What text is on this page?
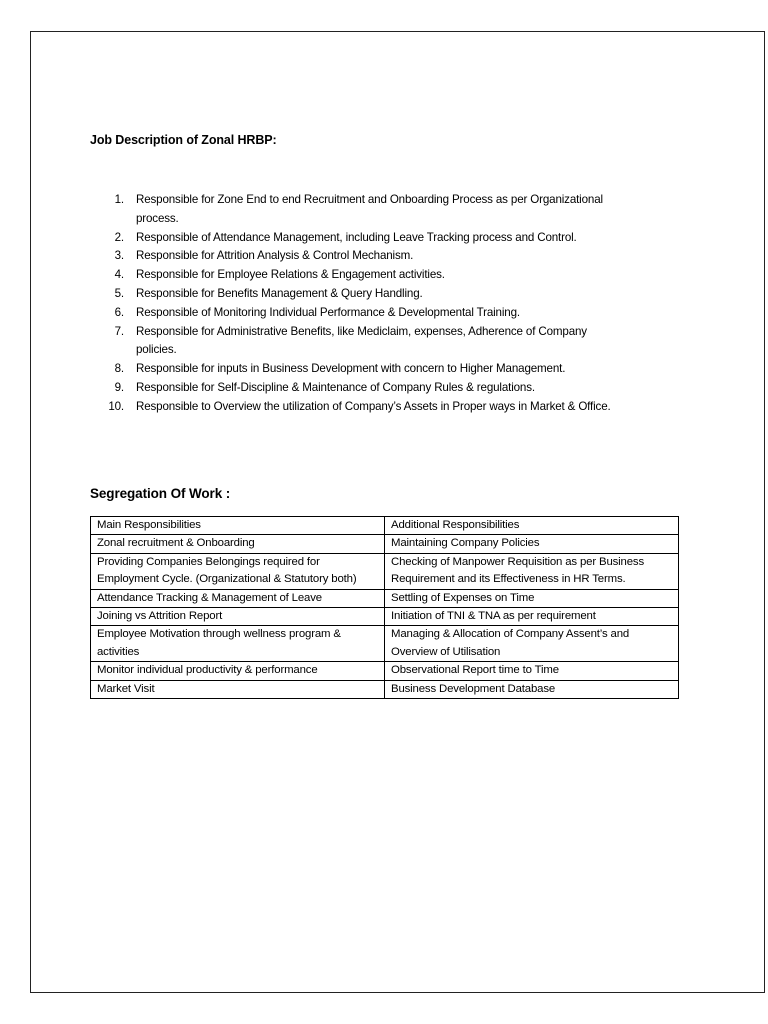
Job Description of Zonal HRBP:
1. Responsible for Zone End to end Recruitment and Onboarding Process as per Organizational
process.
2. Responsible of Attendance Management, including Leave Tracking process and Control.
3. Responsible for Attrition Analysis & Control Mechanism.
4. Responsible for Employee Relations & Engagement activities.
5. Responsible for Benefits Management & Query Handling.
6. Responsible of Monitoring Individual Performance & Developmental Training.
7. Responsible for Administrative Benefits, like Mediclaim, expenses, Adherence of Company
policies.
8. Responsible for inputs in Business Development with concern to Higher Management.
9. Responsible for Self-Discipline & Maintenance of Company Rules & regulations.
10. Responsible to Overview the utilization of Company’s Assets in Proper ways in Market & Office.
Segregation Of Work :
Main Responsibilities	Additional Responsibilities
Zonal recruitment & Onboarding	Maintaining Company Policies
Providing Companies Belongings required for Employment Cycle. (Organizational & Statutory both)	Checking of Manpower Requisition as per Business Requirement and its Effectiveness in HR Terms.
Attendance Tracking & Management of Leave	Settling of Expenses on Time
Joining vs Attrition Report	Initiation of TNI & TNA as per requirement
Employee Motivation through wellness program & activities	Managing & Allocation of Company Assent’s and Overview of Utilisation
Monitor individual productivity & performance	Observational Report time to Time
Market Visit	Business Development Database
